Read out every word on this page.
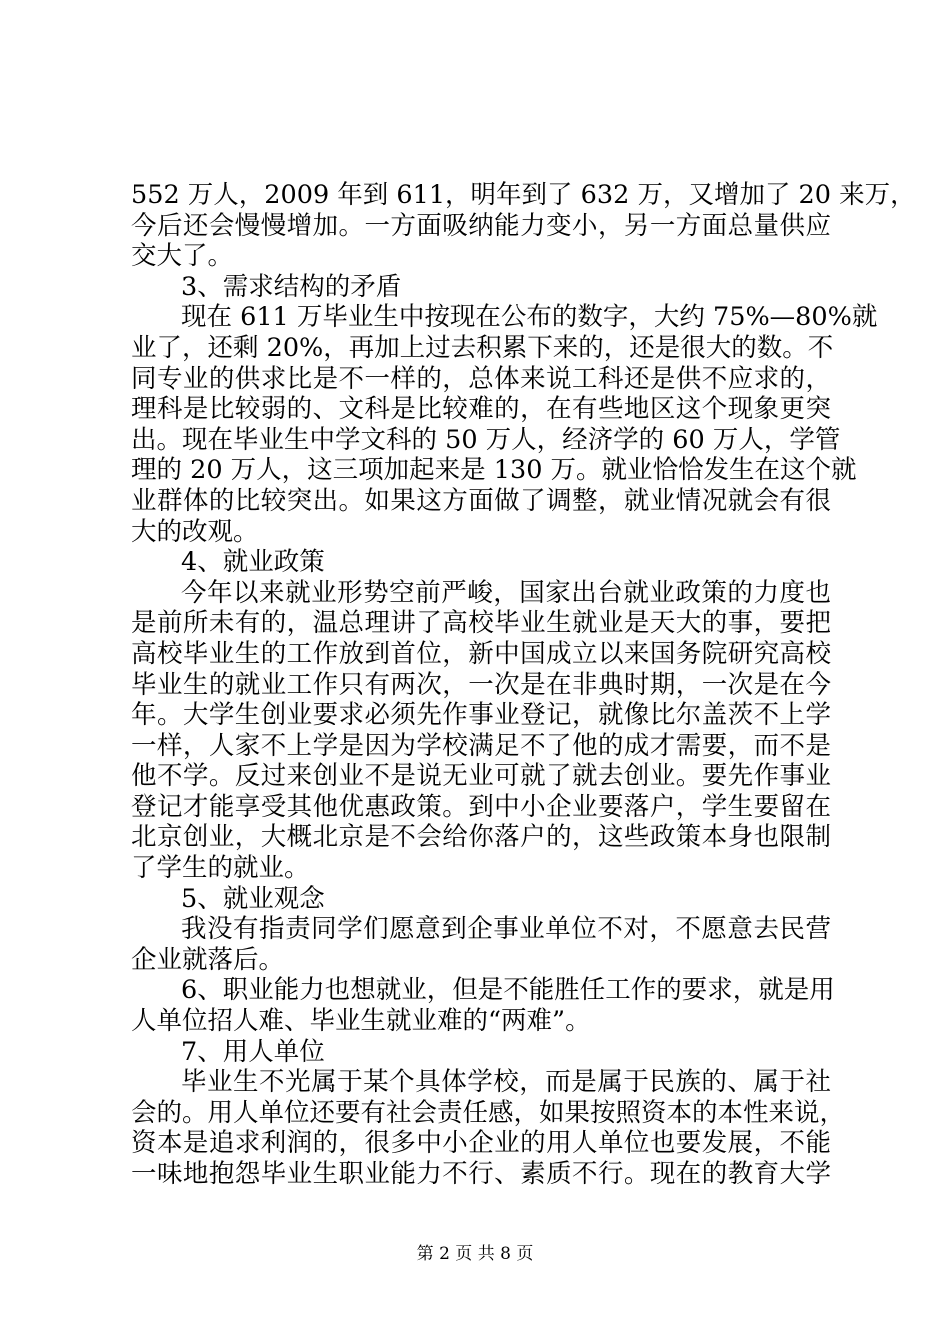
552 万人，2009 年到 611，明年到了 632 万，又增加了 20 来万，
今后还会慢慢增加。一方面吸纳能力变小，另一方面总量供应
交大了。
3、需求结构的矛盾
现在 611 万毕业生中按现在公布的数字，大约 75%—80%就
业了，还剩 20%，再加上过去积累下来的，还是很大的数。不
同专业的供求比是不一样的，总体来说工科还是供不应求的，
理科是比较弱的、文科是比较难的，在有些地区这个现象更突
出。现在毕业生中学文科的 50 万人，经济学的 60 万人，学管
理的 20 万人，这三项加起来是 130 万。就业恰恰发生在这个就
业群体的比较突出。如果这方面做了调整，就业情况就会有很
大的改观。
4、就业政策
今年以来就业形势空前严峻，国家出台就业政策的力度也
是前所未有的，温总理讲了高校毕业生就业是天大的事，要把
高校毕业生的工作放到首位，新中国成立以来国务院研究高校
毕业生的就业工作只有两次，一次是在非典时期，一次是在今
年。大学生创业要求必须先作事业登记，就像比尔盖茨不上学
一样，人家不上学是因为学校满足不了他的成才需要，而不是
他不学。反过来创业不是说无业可就了就去创业。要先作事业
登记才能享受其他优惠政策。到中小企业要落户，学生要留在
北京创业，大概北京是不会给你落户的，这些政策本身也限制
了学生的就业。
5、就业观念
我没有指责同学们愿意到企事业单位不对，不愿意去民营
企业就落后。
6、职业能力也想就业，但是不能胜任工作的要求，就是用
人单位招人难、毕业生就业难的“两难”。
7、用人单位
毕业生不光属于某个具体学校，而是属于民族的、属于社
会的。用人单位还要有社会责任感，如果按照资本的本性来说，
资本是追求利润的，很多中小企业的用人单位也要发展，不能
一味地抱怨毕业生职业能力不行、素质不行。现在的教育大学
第 2 页 共 8 页
